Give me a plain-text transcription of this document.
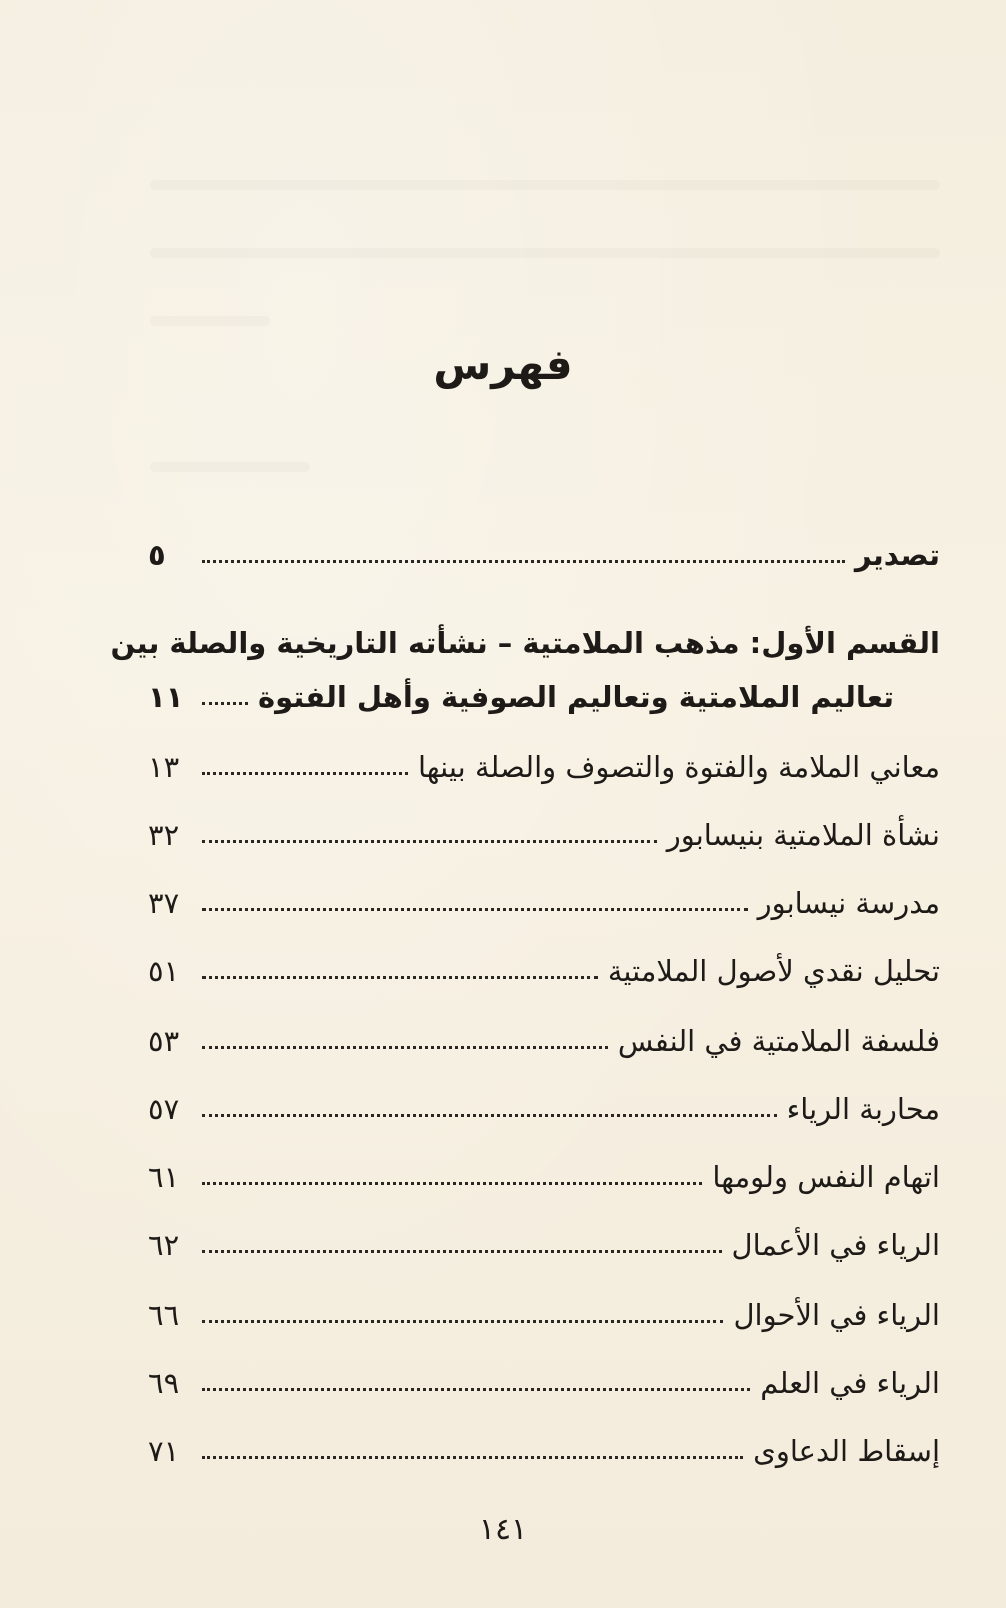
فهرس
تصدير
٥
القسم الأول: مذهب الملامتية – نشأته التاريخية والصلة بين
تعاليم الملامتية وتعاليم الصوفية وأهل الفتوة
١١
معاني الملامة والفتوة والتصوف والصلة بينها
١٣
نشأة الملامتية بنيسابور
٣٢
مدرسة نيسابور
٣٧
تحليل نقدي لأصول الملامتية
٥١
فلسفة الملامتية في النفس
٥٣
محاربة الرياء
٥٧
اتهام النفس ولومها
٦١
الرياء في الأعمال
٦٢
الرياء في الأحوال
٦٦
الرياء في العلم
٦٩
إسقاط الدعاوى
٧١
١٤١
